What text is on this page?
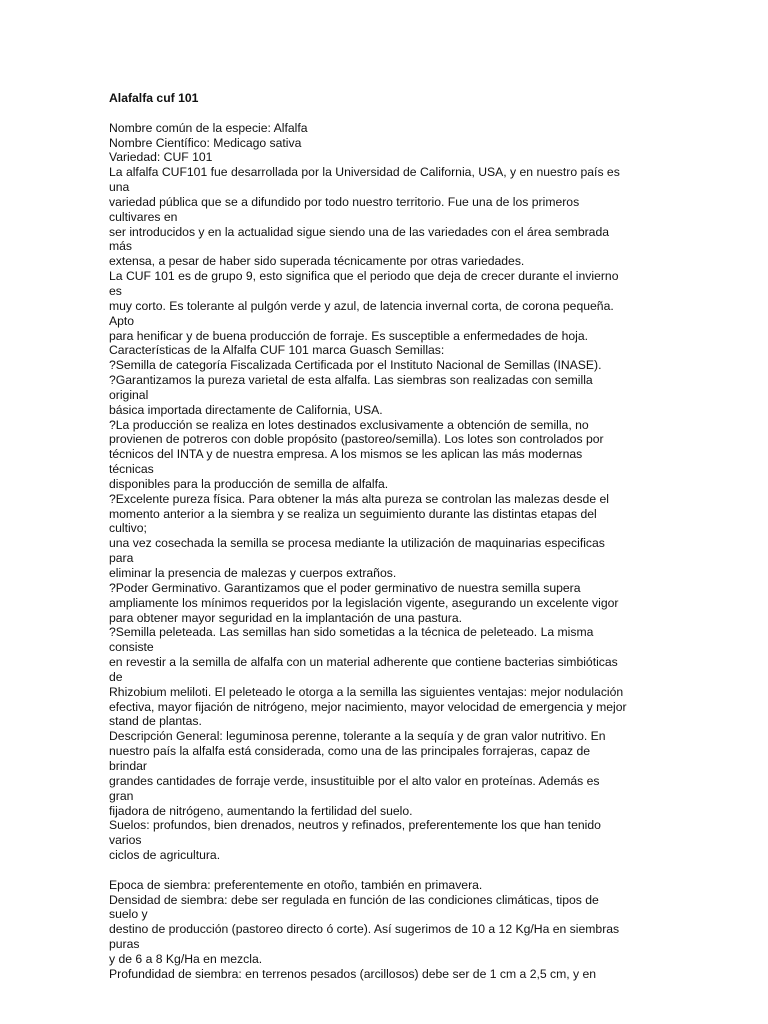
Alafalfa cuf 101
Nombre común de la especie: Alfalfa
Nombre Científico: Medicago sativa
Variedad: CUF 101
La alfalfa CUF101 fue desarrollada por la Universidad de California, USA, y en nuestro país es
una
variedad pública que se a difundido por todo nuestro territorio. Fue una de los primeros
cultivares en
ser introducidos y en la actualidad sigue siendo una de las variedades con el área sembrada
más
extensa, a pesar de haber sido superada técnicamente por otras variedades.
La CUF 101 es de grupo 9, esto significa que el periodo que deja de crecer durante el invierno
es
muy corto. Es tolerante al pulgón verde y azul, de latencia invernal corta, de corona pequeña.
Apto
para henificar y de buena producción de forraje. Es susceptible a enfermedades de hoja.
Características de la Alfalfa CUF 101 marca Guasch Semillas:
?Semilla de categoría Fiscalizada Certificada por el Instituto Nacional de Semillas (INASE).
?Garantizamos la pureza varietal de esta alfalfa. Las siembras son realizadas con semilla
original
básica importada directamente de California, USA.
?La producción se realiza en lotes destinados exclusivamente a obtención de semilla, no
provienen de potreros con doble propósito (pastoreo/semilla). Los lotes son controlados por
técnicos del INTA y de nuestra empresa. A los mismos se les aplican las más modernas
técnicas
disponibles para la producción de semilla de alfalfa.
?Excelente pureza física. Para obtener la más alta pureza se controlan las malezas desde el
momento anterior a la siembra y se realiza un seguimiento durante las distintas etapas del
cultivo;
una vez cosechada la semilla se procesa mediante la utilización de maquinarias especificas
para
eliminar la presencia de malezas y cuerpos extraños.
?Poder Germinativo. Garantizamos que el poder germinativo de nuestra semilla supera
ampliamente los mínimos requeridos por la legislación vigente, asegurando un excelente vigor
para obtener mayor seguridad en la implantación de una pastura.
?Semilla peleteada. Las semillas han sido sometidas a la técnica de peleteado. La misma
consiste
en revestir a la semilla de alfalfa con un material adherente que contiene bacterias simbióticas
de
Rhizobium meliloti. El peleteado le otorga a la semilla las siguientes ventajas: mejor nodulación
efectiva, mayor fijación de nitrógeno, mejor nacimiento, mayor velocidad de emergencia y mejor
stand de plantas.
Descripción General: leguminosa perenne, tolerante a la sequía y de gran valor nutritivo. En
nuestro país la alfalfa está considerada, como una de las principales forrajeras, capaz de
brindar
grandes cantidades de forraje verde, insustituible por el alto valor en proteínas. Además es
gran
fijadora de nitrógeno, aumentando la fertilidad del suelo.
Suelos: profundos, bien drenados, neutros y refinados, preferentemente los que han tenido
varios
ciclos de agricultura.
Epoca de siembra: preferentemente en otoño, también en primavera.
Densidad de siembra: debe ser regulada en función de las condiciones climáticas, tipos de
suelo y
destino de producción (pastoreo directo ó corte). Así sugerimos de 10 a 12 Kg/Ha en siembras
puras
y de 6 a 8 Kg/Ha en mezcla.
Profundidad de siembra: en terrenos pesados (arcillosos) debe ser de 1 cm a 2,5 cm, y en
